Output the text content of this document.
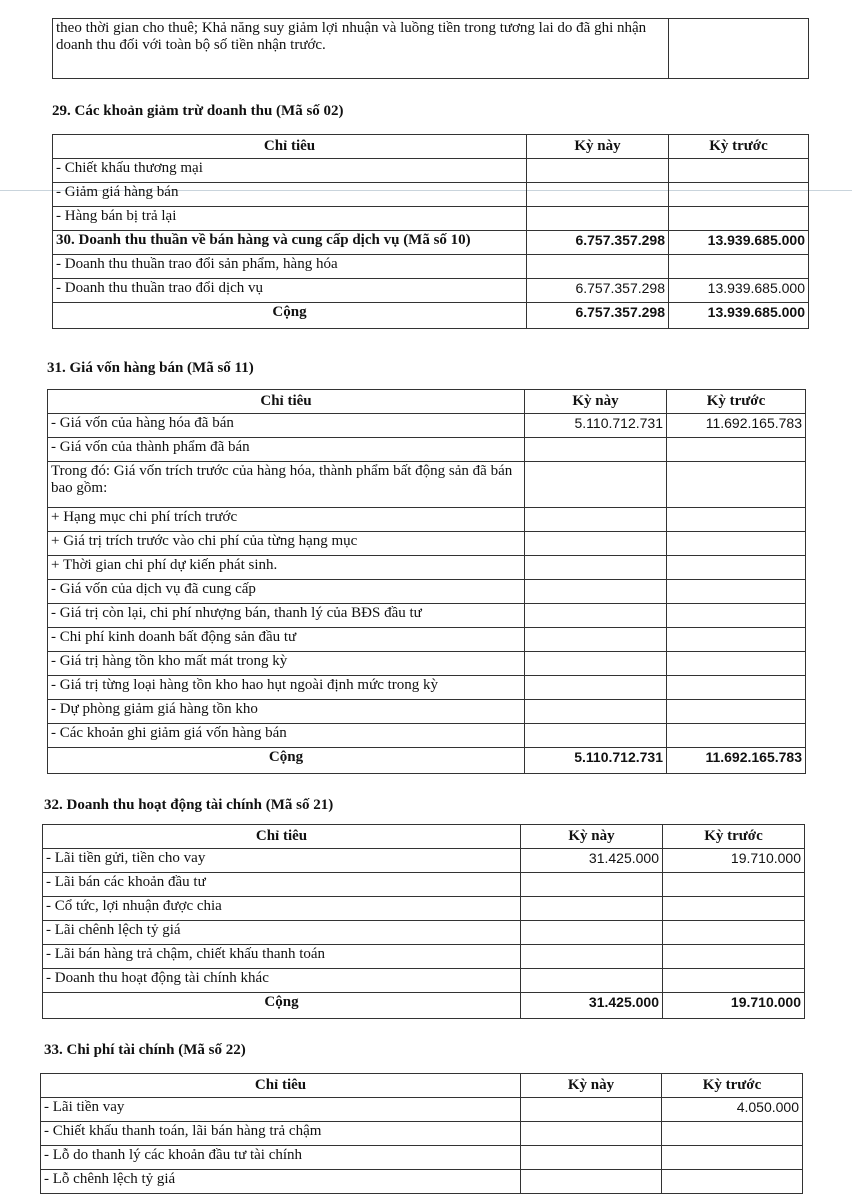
theo thời gian cho thuê; Khả năng suy giảm lợi nhuận và luồng tiền trong tương lai do đã ghi nhận doanh thu đối với toàn bộ số tiền nhận trước.	
29. Các khoản giảm trừ doanh thu (Mã số 02)
Chỉ tiêu	Kỳ này	Kỳ trước
- Chiết khấu thương mại		
- Giảm giá hàng bán		
- Hàng bán bị trả lại		
30. Doanh thu thuần về bán hàng và cung cấp dịch vụ (Mã số 10)	6.757.357.298	13.939.685.000
- Doanh thu thuần trao đổi sản phẩm, hàng hóa		
- Doanh thu thuần trao đổi dịch vụ	6.757.357.298	13.939.685.000
Cộng	6.757.357.298	13.939.685.000
31. Giá vốn hàng bán (Mã số 11)
Chỉ tiêu	Kỳ này	Kỳ trước
- Giá vốn của hàng hóa đã bán	5.110.712.731	11.692.165.783
- Giá vốn của thành phẩm đã bán		
Trong đó: Giá vốn trích trước của hàng hóa, thành phẩm bất động sản đã bán bao gồm:		
+ Hạng mục chi phí trích trước		
+ Giá trị trích trước vào chi phí của từng hạng mục		
+ Thời gian chi phí dự kiến phát sinh.		
- Giá vốn của dịch vụ đã cung cấp		
- Giá trị còn lại, chi phí nhượng bán, thanh lý của BĐS đầu tư		
- Chi phí kinh doanh bất động sản đầu tư		
- Giá trị hàng tồn kho mất mát trong kỳ		
- Giá trị từng loại hàng tồn kho hao hụt ngoài định mức trong kỳ		
- Dự phòng giảm giá hàng tồn kho		
- Các khoản ghi giảm giá vốn hàng bán		
Cộng	5.110.712.731	11.692.165.783
32. Doanh thu hoạt động tài chính (Mã số 21)
Chỉ tiêu	Kỳ này	Kỳ trước
- Lãi tiền gửi, tiền cho vay	31.425.000	19.710.000
- Lãi bán các khoản đầu tư		
- Cổ tức, lợi nhuận được chia		
- Lãi chênh lệch tỷ giá		
- Lãi bán hàng trả chậm, chiết khấu thanh toán		
- Doanh thu hoạt động tài chính khác		
Cộng	31.425.000	19.710.000
33. Chi phí tài chính (Mã số 22)
Chỉ tiêu	Kỳ này	Kỳ trước
- Lãi tiền vay		4.050.000
- Chiết khấu thanh toán, lãi bán hàng trả chậm		
- Lỗ do thanh lý các khoản đầu tư tài chính		
- Lỗ chênh lệch tỷ giá		
